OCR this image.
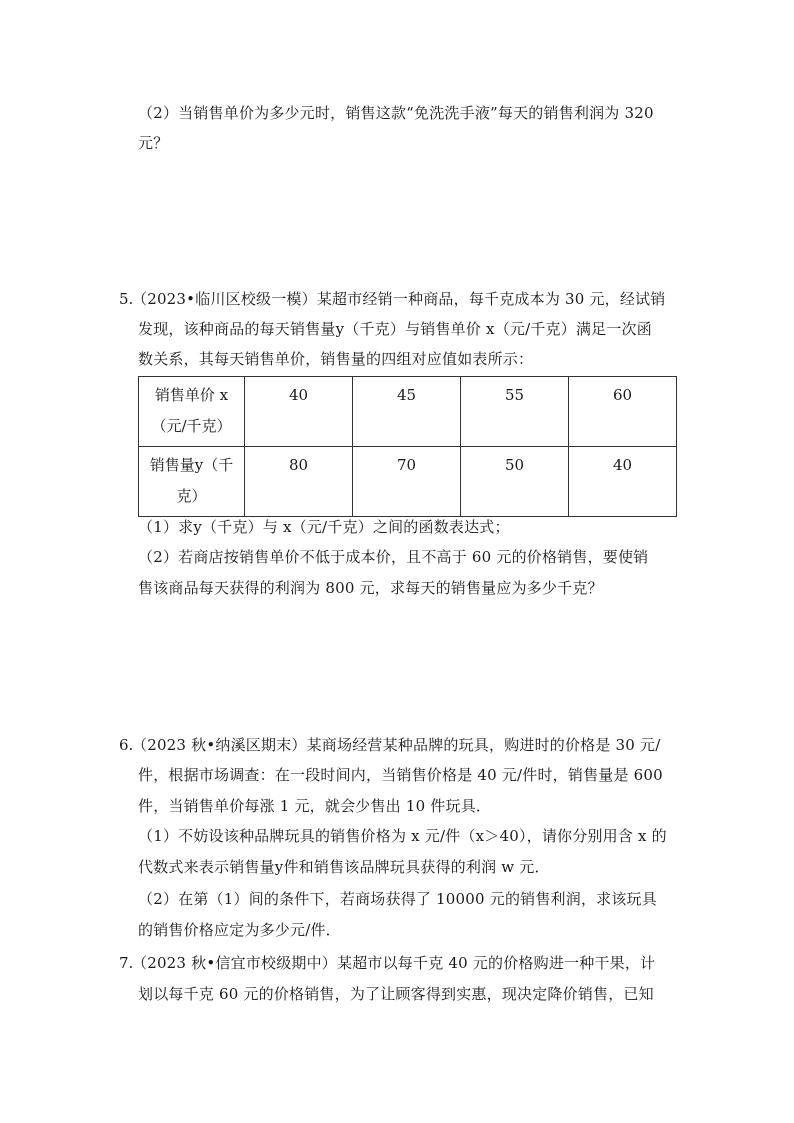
（2）当销售单价为多少元时，销售这款“免洗洗手液”每天的销售利润为 320
元？
5.
（2023•临川区校级一模）某超市经销一种商品，每千克成本为 30 元，经试销
发现，该种商品的每天销售量y（千克）与销售单价 x（元/千克）满足一次函
数关系，其每天销售单价，销售量的四组对应值如表所示：
销售单价 x
（元/千克）	40	45	55	60

销售量y（千
克）	80	70	50	40
（1）求y（千克）与 x（元/千克）之间的函数表达式；
（2）若商店按销售单价不低于成本价，且不高于 60 元的价格销售，要使销
售该商品每天获得的利润为 800 元，求每天的销售量应为多少千克？
6.
（2023 秋•纳溪区期末）某商场经营某种品牌的玩具，购进时的价格是 30 元/
件，根据市场调查：在一段时间内，当销售价格是 40 元/件时，销售量是 600
件，当销售单价每涨 1 元，就会少售出 10 件玩具．
（1）不妨设该种品牌玩具的销售价格为 x 元/件（x＞40），请你分别用含 x 的
代数式来表示销售量y件和销售该品牌玩具获得的利润 w 元．
（2）在第（1）间的条件下，若商场获得了 10000 元的销售利润，求该玩具
的销售价格应定为多少元/件．
7.
（2023 秋•信宜市校级期中）某超市以每千克 40 元的价格购进一种干果，计
划以每千克 60 元的价格销售，为了让顾客得到实惠，现决定降价销售，已知
